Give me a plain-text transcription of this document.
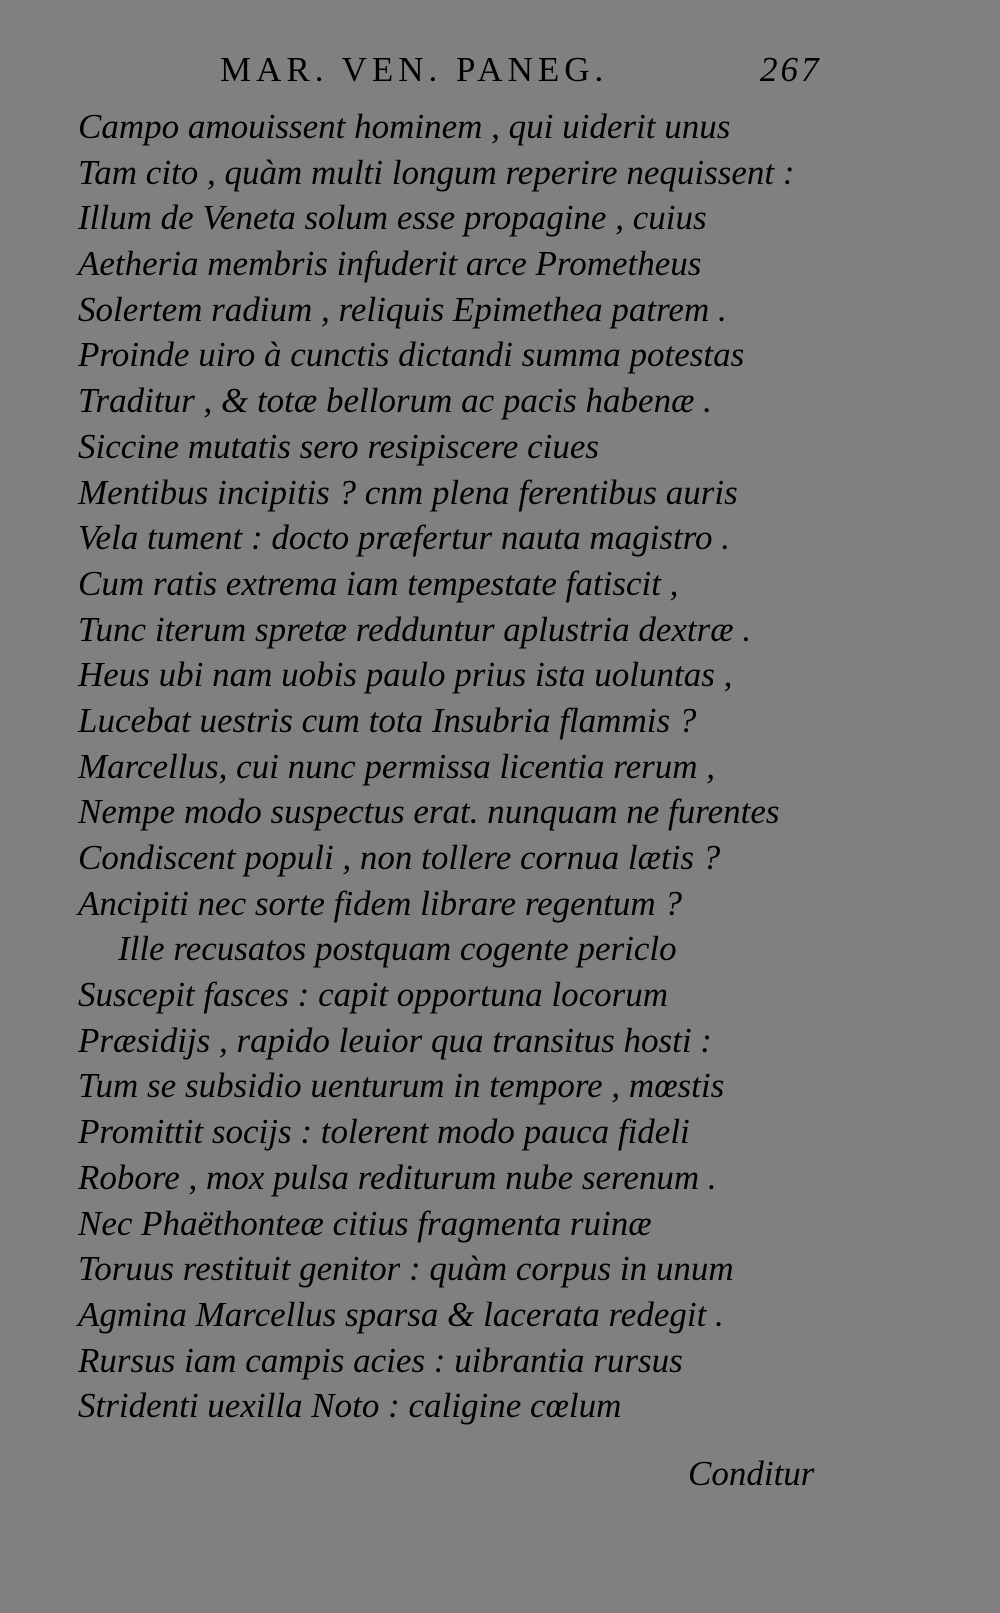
MAR. VEN. PANEG.	267
Campo amouissent hominem , qui uiderit unus
Tam cito , quàm multi longum reperire nequissent :
Illum de Veneta solum esse propagine , cuius
Aetheria membris infuderit arce Prometheus
Solertem radium , reliquis Epimethea patrem .
Proinde uiro à cunctis dictandi summa potestas
Traditur , & totæ bellorum ac pacis habenæ .
Siccine mutatis sero resipiscere ciues
Mentibus incipitis ? cnm plena ferentibus auris
Vela tument : docto præfertur nauta magistro .
Cum ratis extrema iam tempestate fatiscit ,
Tunc iterum spretæ redduntur aplustria dextræ .
Heus ubi nam uobis paulo prius ista uoluntas ,
Lucebat uestris cum tota Insubria flammis ?
Marcellus, cui nunc permissa licentia rerum ,
Nempe modo suspectus erat. nunquam ne furentes
Condiscent populi , non tollere cornua lætis ?
Ancipiti nec sorte fidem librare regentum ?
Ille recusatos postquam cogente periclo
Suscepit fasces : capit opportuna locorum
Præsidijs , rapido leuior qua transitus hosti :
Tum se subsidio uenturum in tempore , mœstis
Promittit socijs : tolerent modo pauca fideli
Robore , mox pulsa rediturum nube serenum .
Nec Phaëthonteæ citius fragmenta ruinæ
Toruus restituit genitor : quàm corpus in unum
Agmina Marcellus sparsa & lacerata redegit .
Rursus iam campis acies : uibrantia rursus
Stridenti uexilla Noto : caligine cœlum
Conditur
